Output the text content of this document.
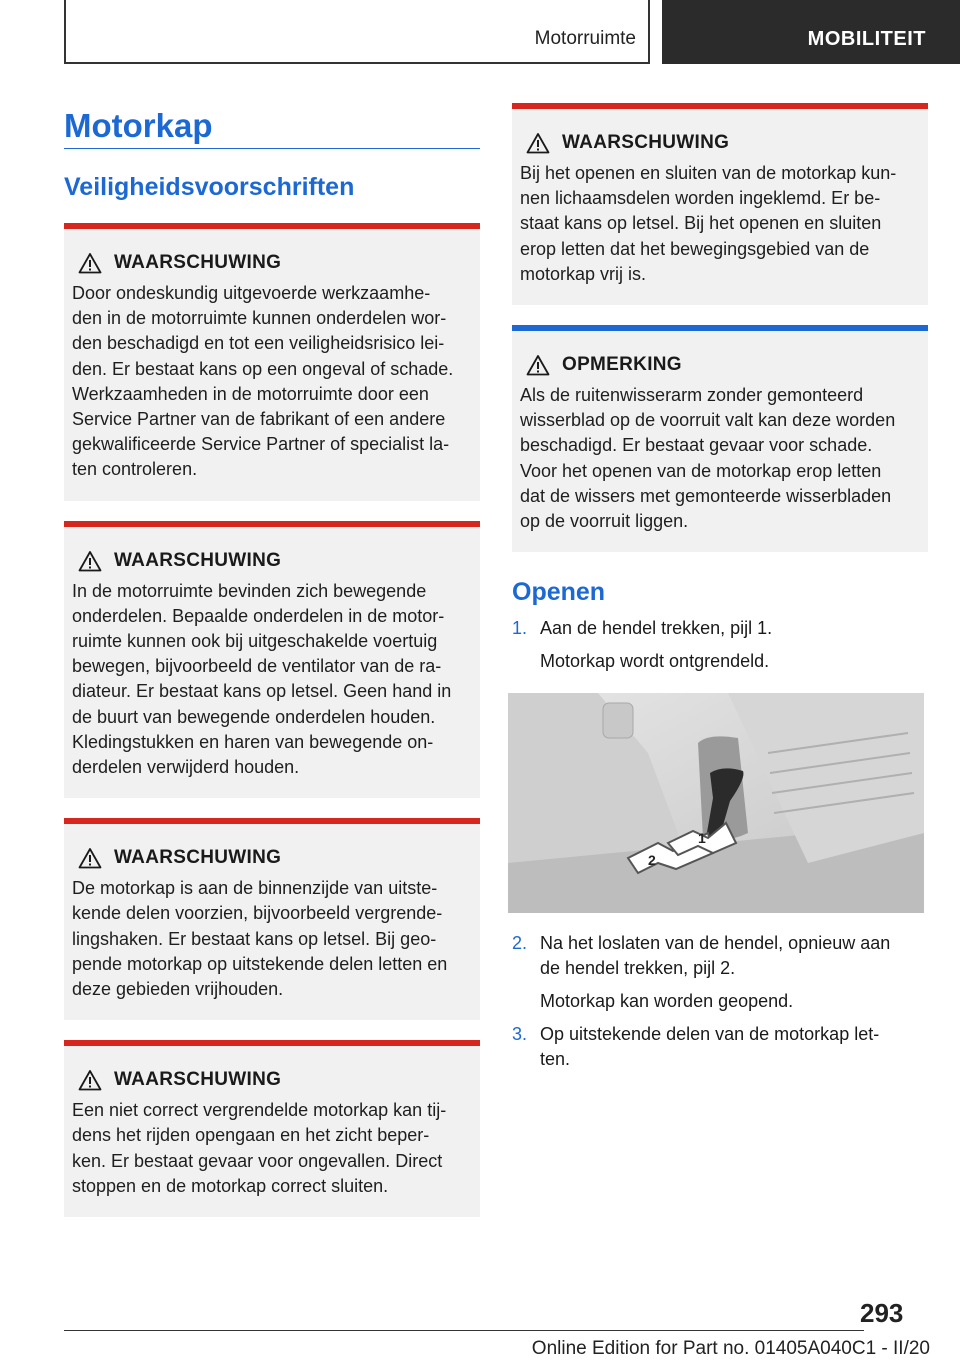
Motorruimte	MOBILITEIT
Motorkap
Veiligheidsvoorschriften
WAARSCHUWING
Door ondeskundig uitgevoerde werkzaamhe-
den in de motorruimte kunnen onderdelen wor-
den beschadigd en tot een veiligheidsrisico lei-
den. Er bestaat kans op een ongeval of schade.
Werkzaamheden in de motorruimte door een
Service Partner van de fabrikant of een andere
gekwalificeerde Service Partner of specialist la-
ten controleren.
WAARSCHUWING
In de motorruimte bevinden zich bewegende
onderdelen. Bepaalde onderdelen in de motor-
ruimte kunnen ook bij uitgeschakelde voertuig
bewegen, bijvoorbeeld de ventilator van de ra-
diateur. Er bestaat kans op letsel. Geen hand in
de buurt van bewegende onderdelen houden.
Kledingstukken en haren van bewegende on-
derdelen verwijderd houden.
WAARSCHUWING
De motorkap is aan de binnenzijde van uitste-
kende delen voorzien, bijvoorbeeld vergrende-
lingshaken. Er bestaat kans op letsel. Bij geo-
pende motorkap op uitstekende delen letten en
deze gebieden vrijhouden.
WAARSCHUWING
Een niet correct vergrendelde motorkap kan tij-
dens het rijden opengaan en het zicht beper-
ken. Er bestaat gevaar voor ongevallen. Direct
stoppen en de motorkap correct sluiten.
WAARSCHUWING
Bij het openen en sluiten van de motorkap kun-
nen lichaamsdelen worden ingeklemd. Er be-
staat kans op letsel. Bij het openen en sluiten
erop letten dat het bewegingsgebied van de
motorkap vrij is.
OPMERKING
Als de ruitenwisserarm zonder gemonteerd
wisserblad op de voorruit valt kan deze worden
beschadigd. Er bestaat gevaar voor schade.
Voor het openen van de motorkap erop letten
dat de wissers met gemonteerde wisserbladen
op de voorruit liggen.
Openen
1. Aan de hendel trekken, pijl 1.
Motorkap wordt ontgrendeld.
2
1
2. Na het loslaten van de hendel, opnieuw aan
de hendel trekken, pijl 2.
Motorkap kan worden geopend.
3. Op uitstekende delen van de motorkap let-
ten.
293
Online Edition for Part no. 01405A040C1 - II/20
